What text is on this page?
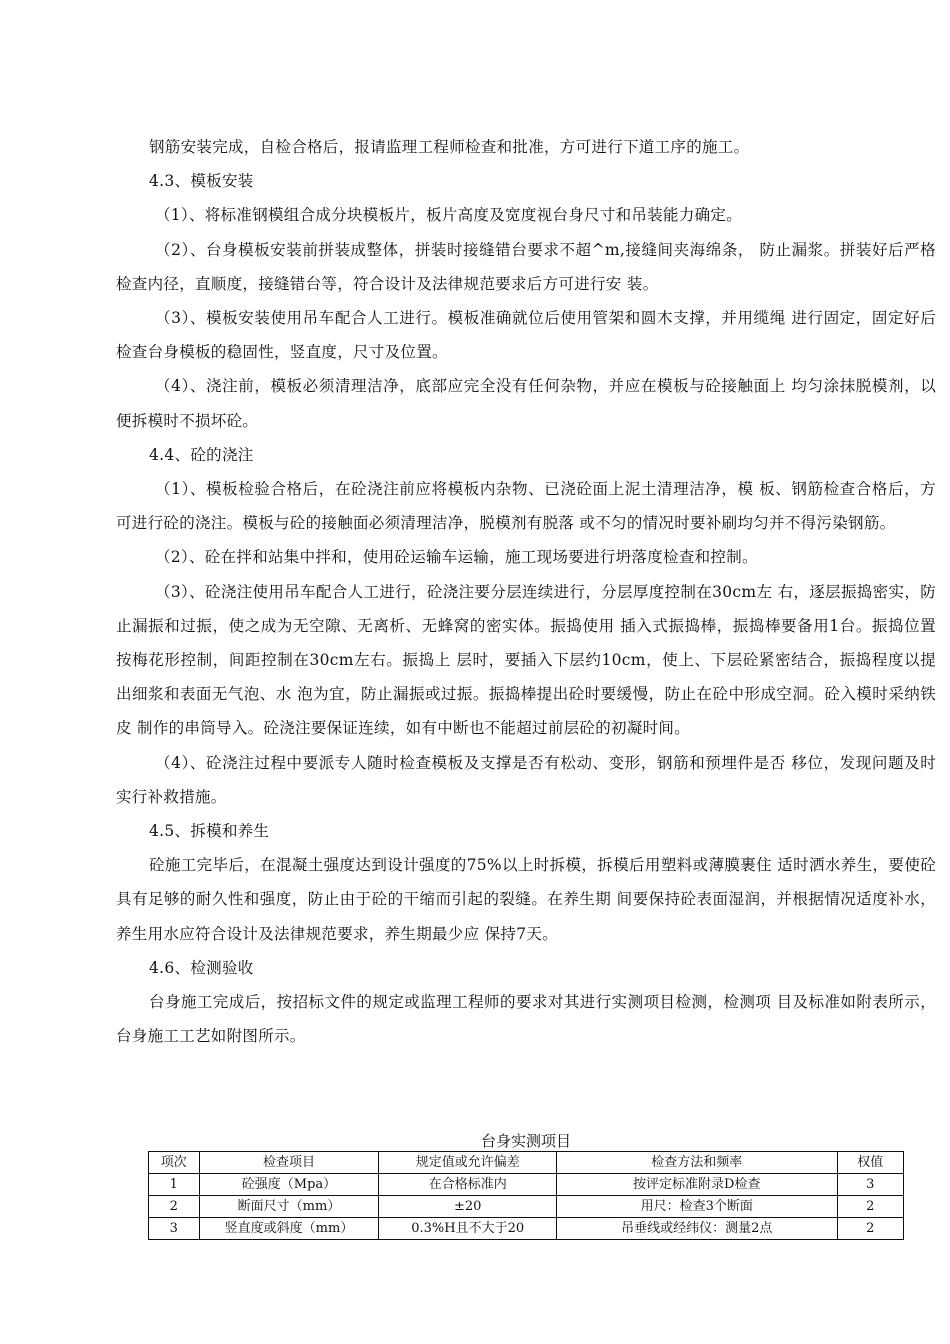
钢筋安装完成，自检合格后，报请监理工程师检查和批准，方可进行下道工序的施工。

4.3、模板安装

（1）、将标准钢模组合成分块模板片，板片高度及宽度视台身尺寸和吊装能力确定。

（2）、台身模板安装前拼装成整体，拼装时接缝错台要求不超^m,接缝间夹海绵条， 防止漏浆。拼装好后严格检查内径，直顺度，接缝错台等，符合设计及法律规范要求后方可进行安 装。

（3）、模板安装使用吊车配合人工进行。模板准确就位后使用管架和圆木支撑，并用缆绳 进行固定，固定好后检查台身模板的稳固性，竖直度，尺寸及位置。

（4）、浇注前，模板必须清理洁净，底部应完全没有任何杂物，并应在模板与砼接触面上 均匀涂抹脱模剂，以便拆模时不损坏砼。

4.4、砼的浇注

（1）、模板检验合格后，在砼浇注前应将模板内杂物、已浇砼面上泥土清理洁净，模 板、钢筋检查合格后，方可进行砼的浇注。模板与砼的接触面必须清理洁净，脱模剂有脱落 或不匀的情况时要补刷均匀并不得污染钢筋。

（2）、砼在拌和站集中拌和，使用砼运输车运输，施工现场要进行坍落度检查和控制。

（3）、砼浇注使用吊车配合人工进行，砼浇注要分层连续进行，分层厚度控制在30cm左 右，逐层振捣密实，防止漏振和过振，使之成为无空隙、无离析、无蜂窝的密实体。振捣使用 插入式振捣棒，振捣棒要备用1台。振捣位置按梅花形控制，间距控制在30cm左右。振捣上 层时，要插入下层约10cm，使上、下层砼紧密结合，振捣程度以提出细浆和表面无气泡、水 泡为宜，防止漏振或过振。振捣棒提出砼时要缓慢，防止在砼中形成空洞。砼入模时采纳铁皮 制作的串筒导入。砼浇注要保证连续，如有中断也不能超过前层砼的初凝时间。

（4）、砼浇注过程中要派专人随时检查模板及支撑是否有松动、变形，钢筋和预埋件是否 移位，发现问题及时实行补救措施。

4.5、拆模和养生

砼施工完毕后，在混凝土强度达到设计强度的75%以上时拆模，拆模后用塑料或薄膜裹住 适时洒水养生，要使砼具有足够的耐久性和强度，防止由于砼的干缩而引起的裂缝。在养生期 间要保持砼表面湿润，并根据情况适度补水，养生用水应符合设计及法律规范要求，养生期最少应 保持7天。

4.6、检测验收

台身施工完成后，按招标文件的规定或监理工程师的要求对其进行实测项目检测，检测项 目及标准如附表所示，台身施工工艺如附图所示。

台身实测项目
项次	检查项目	规定值或允许偏差	检查方法和频率	权值
1	砼强度（Mpa）	在合格标准内	按评定标准附录D检查	3
2	断面尺寸（mm）	±20	用尺：检查3个断面	2
3	竖直度或斜度（mm）	0.3%H且不大于20	吊垂线或经纬仪：测量2点	2
